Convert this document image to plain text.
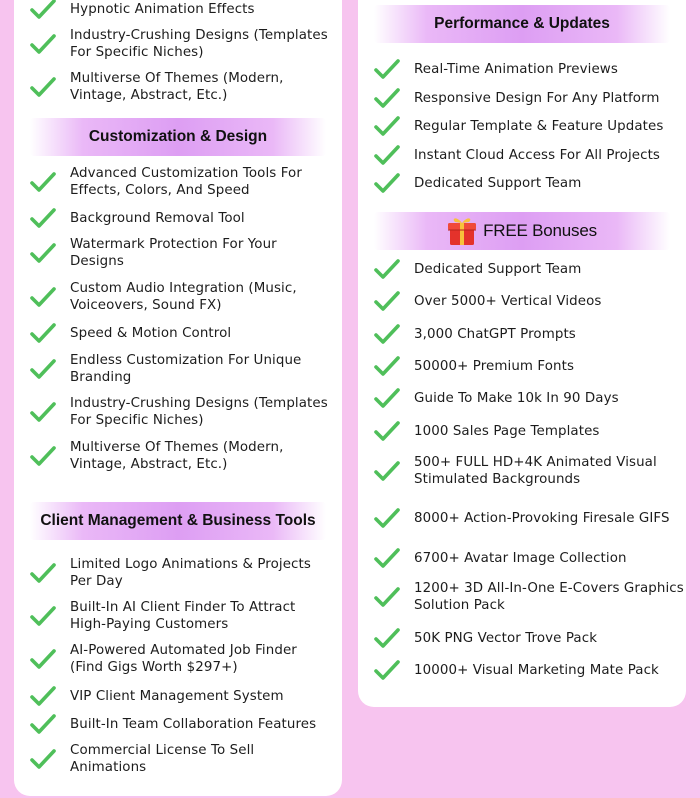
Customization & Design
Client Management & Business Tools
Performance & Updates
FREE Bonuses
Hypnotic Animation Effects
Industry-Crushing Designs (Templates For Specific Niches)
Multiverse Of Themes (Modern, Vintage, Abstract, Etc.)
Advanced Customization Tools For Effects, Colors, And Speed
Background Removal Tool
Watermark Protection For Your Designs
Custom Audio Integration (Music, Voiceovers, Sound FX)
Speed & Motion Control
Endless Customization For Unique Branding
Industry-Crushing Designs (Templates For Specific Niches)
Multiverse Of Themes (Modern, Vintage, Abstract, Etc.)
Limited Logo Animations & Projects Per Day
Built-In AI Client Finder To Attract High-Paying Customers
AI-Powered Automated Job Finder (Find Gigs Worth $297+)
VIP Client Management System
Built-In Team Collaboration Features
Commercial License To Sell Animations
Real-Time Animation Previews
Responsive Design For Any Platform
Regular Template & Feature Updates
Instant Cloud Access For All Projects
Dedicated Support Team
Dedicated Support Team
Over 5000+ Vertical Videos
3,000 ChatGPT Prompts
50000+ Premium Fonts
Guide To Make 10k In 90 Days
1000 Sales Page Templates
500+ FULL HD+4K Animated Visual Stimulated Backgrounds
8000+ Action-Provoking Firesale GIFS
6700+ Avatar Image Collection
1200+ 3D All-In-One E-Covers Graphics Solution Pack
50K PNG Vector Trove Pack
10000+ Visual Marketing Mate Pack
